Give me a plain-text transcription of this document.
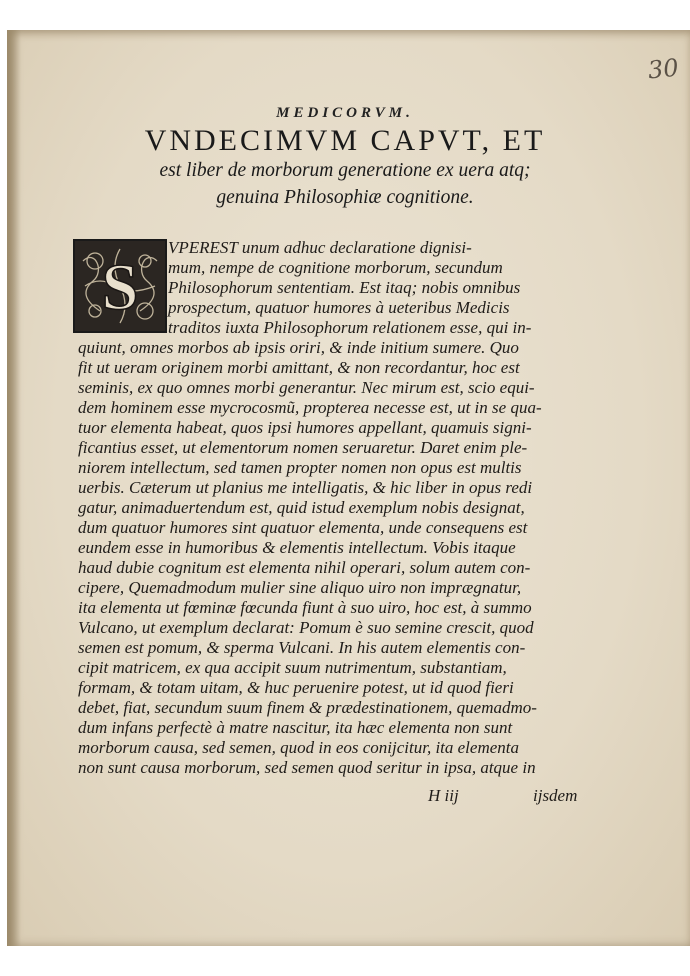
30
MEDICORVM.
VNDECIMVM CAPVT, ET
est liber de morborum generatione ex uera atq;
genuina Philosophiæ cognitione.
S
VPEREST unum adhuc declaratione dignisi-
mum, nempe de cognitione morborum, secundum
Philosophorum sententiam. Est itaq; nobis omnibus
prospectum, quatuor humores à ueteribus Medicis
traditos iuxta Philosophorum relationem esse, qui in-
quiunt, omnes morbos ab ipsis oriri, & inde initium sumere. Quo
fit ut ueram originem morbi amittant, & non recordantur, hoc est
seminis, ex quo omnes morbi generantur. Nec mirum est, scio equi-
dem hominem esse mycrocosmũ, propterea necesse est, ut in se qua-
tuor elementa habeat, quos ipsi humores appellant, quamuis signi-
ficantius esset, ut elementorum nomen seruaretur. Daret enim ple-
niorem intellectum, sed tamen propter nomen non opus est multis
uerbis. Cæterum ut planius me intelligatis, & hic liber in opus redi
gatur, animaduertendum est, quid istud exemplum nobis designat,
dum quatuor humores sint quatuor elementa, unde consequens est
eundem esse in humoribus & elementis intellectum. Vobis itaque
haud dubie cognitum est elementa nihil operari, solum autem con-
cipere, Quemadmodum mulier sine aliquo uiro non imprægnatur,
ita elementa ut fœminæ fœcunda fiunt à suo uiro, hoc est, à summo
Vulcano, ut exemplum declarat: Pomum è suo semine crescit, quod
semen est pomum, & sperma Vulcani. In his autem elementis con-
cipit matricem, ex qua accipit suum nutrimentum, substantiam,
formam, & totam uitam, & huc peruenire potest, ut id quod fieri
debet, fiat, secundum suum finem & prædestinationem, quemadmo-
dum infans perfectè à matre nascitur, ita hæc elementa non sunt
morborum causa, sed semen, quod in eos conijcitur, ita elementa
non sunt causa morborum, sed semen quod seritur in ipsa, atque in
H iij	ijsdem
